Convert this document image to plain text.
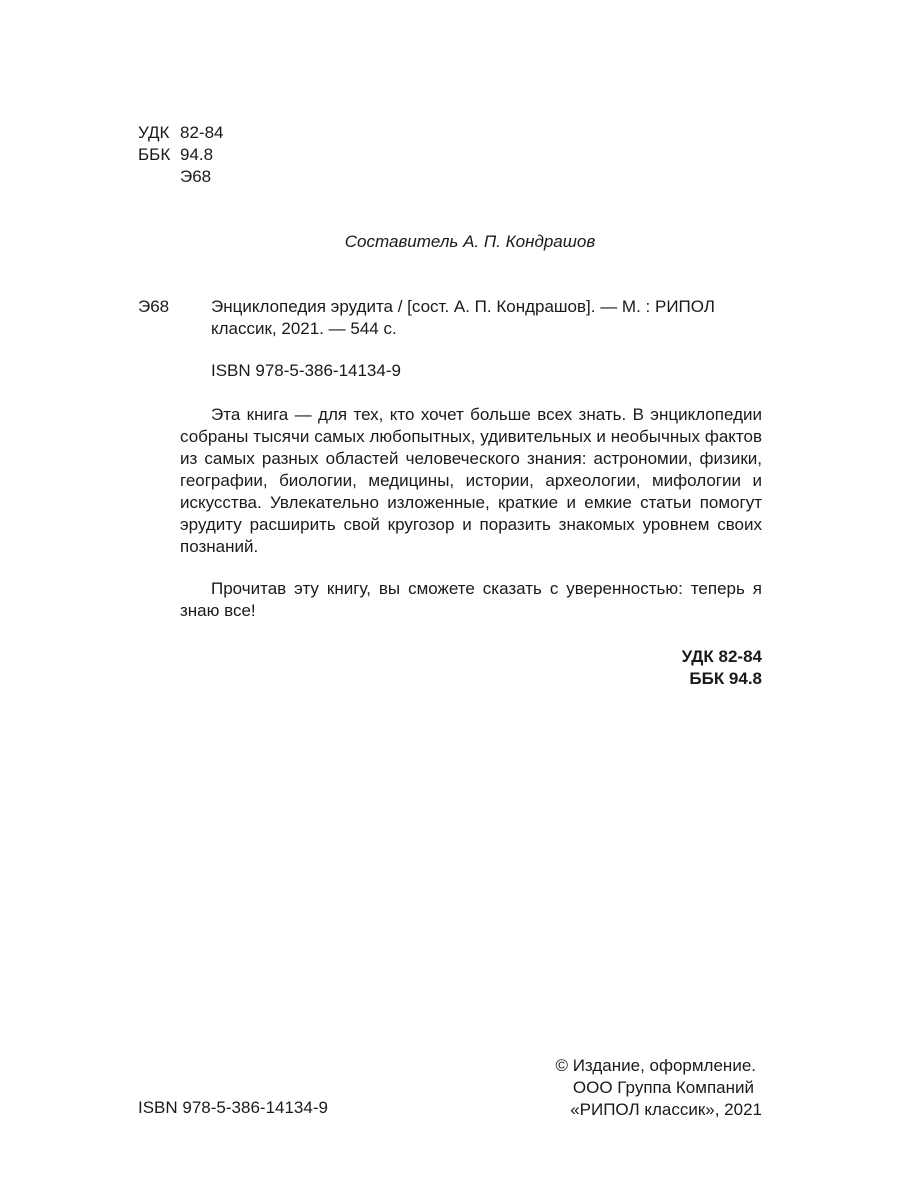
УДК 82-84
ББК 94.8
Э68
Составитель А. П. Кондрашов
Э68 Энциклопедия эрудита / [сост. А. П. Кондрашов]. — М. : РИПОЛ
классик, 2021. — 544 с.
ISBN 978-5-386-14134-9

Эта книга — для тех, кто хочет больше всех знать. В энциклопедии собраны тысячи самых любопытных, удивительных и необычных фактов из самых разных областей человеческого знания: астрономии, физики, географии, биологии, медицины, истории, археологии, мифологии и искусства. Увлекательно изложенные, краткие и емкие статьи помогут эрудиту расширить свой кругозор и поразить знакомых уровнем своих познаний.

Прочитав эту книгу, вы сможете сказать с уверенностью: теперь я знаю все!

УДК 82-84
ББК 94.8
© Издание, оформление.
ООО Группа Компаний
«РИПОЛ классик», 2021
ISBN 978-5-386-14134-9
